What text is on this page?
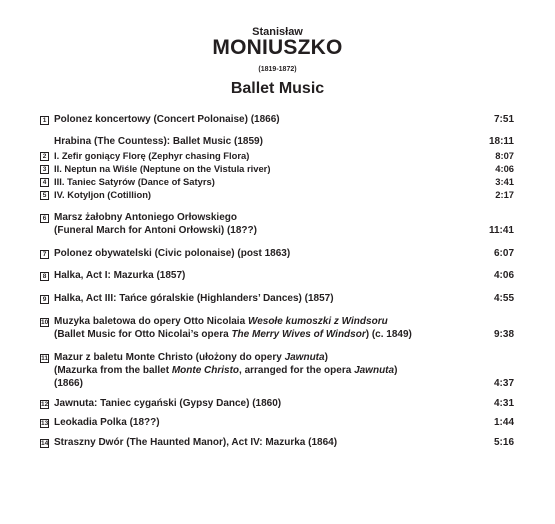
Stanisław
MONIUSZKO
(1819-1872)
Ballet Music
1 Polonez koncertowy (Concert Polonaise) (1866)	7:51
Hrabina (The Countess): Ballet Music (1859)	18:11
2 I. Zefir goniący Florę (Zephyr chasing Flora)	8:07
3 II. Neptun na Wiśle (Neptune on the Vistula river)	4:06
4 III. Taniec Satyrów (Dance of Satyrs)	3:41
5 IV. Kotyljon (Cotillion)	2:17
6 Marsz żałobny Antoniego Orłowskiego
(Funeral March for Antoni Orłowski) (18??)	11:41
7 Polonez obywatelski (Civic polonaise) (post 1863)	6:07
8 Halka, Act I: Mazurka (1857)	4:06
9 Halka, Act III: Tańce góralskie (Highlanders’ Dances) (1857)	4:55
10 Muzyka baletowa do opery Otto Nicolaia Wesołe kumoszki z Windsoru
(Ballet Music for Otto Nicolai’s opera The Merry Wives of Windsor) (c. 1849)	9:38
11 Mazur z baletu Monte Christo (ułożony do opery Jawnuta)
(Mazurka from the ballet Monte Christo, arranged for the opera Jawnuta)
(1866)	4:37
12 Jawnuta: Taniec cygański (Gypsy Dance) (1860)	4:31
13 Leokadia Polka (18??)	1:44
14 Straszny Dwór (The Haunted Manor), Act IV: Mazurka (1864)	5:16
